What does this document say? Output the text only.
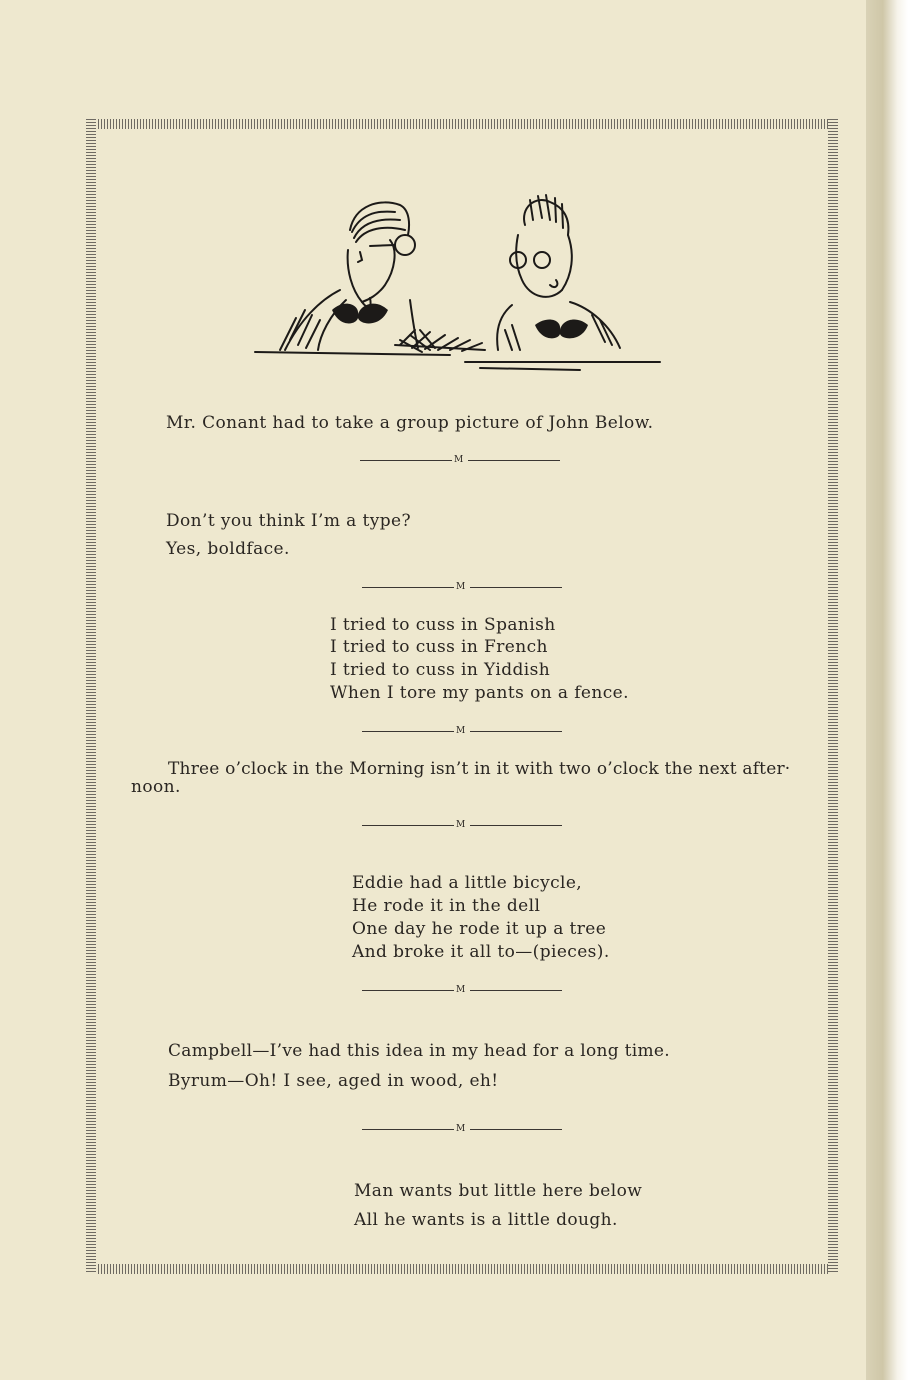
Mr. Conant had to take a group picture of John Below.
M
Don’t you think I’m a type?
Yes, boldface.
M
I tried to cuss in Spanish
I tried to cuss in French
I tried to cuss in Yiddish
When I tore my pants on a fence.
M
Three o’clock in the Morning isn’t in it with two o’clock the next after·
noon.
M
Eddie had a little bicycle,
He rode it in the dell
One day he rode it up a tree
And broke it all to—(pieces).
M
Campbell—I’ve had this idea in my head for a long time.
Byrum—Oh! I see, aged in wood, eh!
M
Man wants but little here below
All he wants is a little dough.
